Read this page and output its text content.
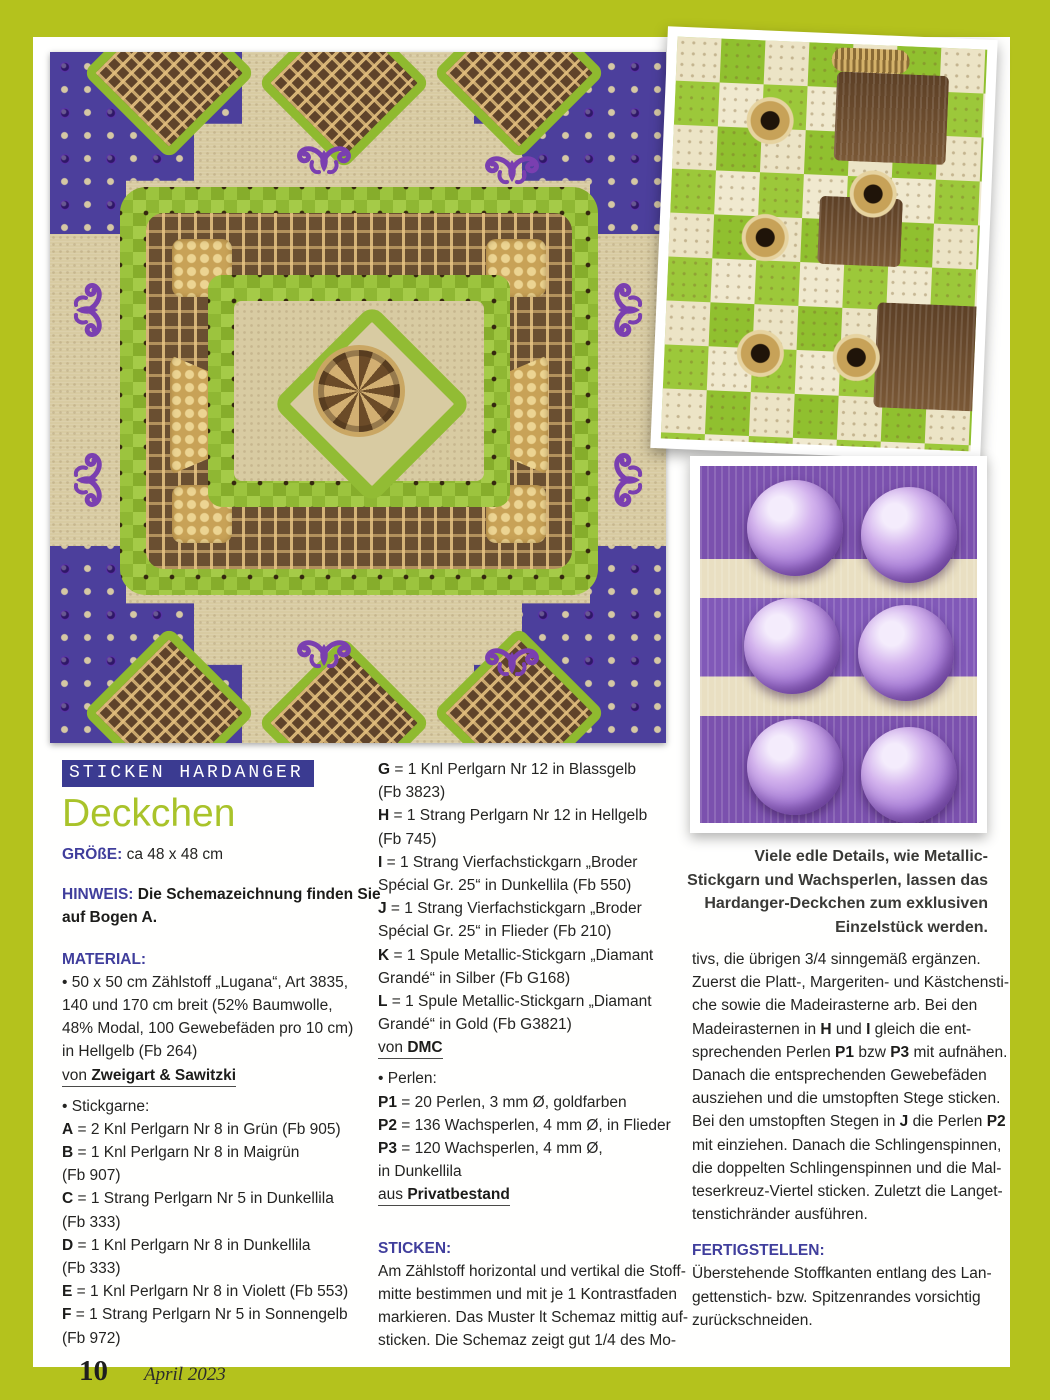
Viele edle Details, wie Metallic-
Stickgarn und Wachsperlen, lassen das
Hardanger-Deckchen zum exklusiven
Einzelstück werden.
STICKEN HARDANGER
Deckchen
GRÖßE: ca 48 x 48 cm
HINWEIS: Die Schemazeichnung finden Sie
auf Bogen A.
MATERIAL:
• 50 x 50 cm Zählstoff „Lugana“, Art 3835,
140 und 170 cm breit (52% Baumwolle,
48% Modal, 100 Gewebefäden pro 10 cm)
in Hellgelb (Fb 264)
von Zweigart & Sawitzki
• Stickgarne:
A = 2 Knl Perlgarn Nr 8 in Grün (Fb 905)
B = 1 Knl Perlgarn Nr 8 in Maigrün
(Fb 907)
C = 1 Strang Perlgarn Nr 5 in Dunkellila
(Fb 333)
D = 1 Knl Perlgarn Nr 8 in Dunkellila
(Fb 333)
E = 1 Knl Perlgarn Nr 8 in Violett (Fb 553)
F = 1 Strang Perlgarn Nr 5 in Sonnengelb
(Fb 972)
G = 1 Knl Perlgarn Nr 12 in Blassgelb
(Fb 3823)
H = 1 Strang Perlgarn Nr 12 in Hellgelb
(Fb 745)
I = 1 Strang Vierfachstickgarn „Broder
Spécial Gr. 25“ in Dunkellila (Fb 550)
J = 1 Strang Vierfachstickgarn „Broder
Spécial Gr. 25“ in Flieder (Fb 210)
K = 1 Spule Metallic-Stickgarn „Diamant
Grandé“ in Silber (Fb G168)
L = 1 Spule Metallic-Stickgarn „Diamant
Grandé“ in Gold (Fb G3821)
von DMC
• Perlen:
P1 = 20 Perlen, 3 mm Ø, goldfarben
P2 = 136 Wachsperlen, 4 mm Ø, in Flieder
P3 = 120 Wachsperlen, 4 mm Ø,
in Dunkellila
aus Privatbestand
STICKEN:
Am Zählstoff horizontal und vertikal die Stoff-
mitte bestimmen und mit je 1 Kontrastfaden
markieren. Das Muster lt Schemaz mittig auf-
sticken. Die Schemaz zeigt gut 1/4 des Mo-
tivs, die übrigen 3/4 sinngemäß ergänzen.
Zuerst die Platt-, Margeriten- und Kästchensti-
che sowie die Madeirasterne arb. Bei den
Madeirasternen in H und I gleich die ent-
sprechenden Perlen P1 bzw P3 mit aufnähen.
Danach die entsprechenden Gewebefäden
ausziehen und die umstopften Stege sticken.
Bei den umstopften Stegen in J die Perlen P2
mit einziehen. Danach die Schlingenspinnen,
die doppelten Schlingenspinnen und die Mal-
teserkreuz-Viertel sticken. Zuletzt die Langet-
tenstichränder ausführen.
FERTIGSTELLEN:
Überstehende Stoffkanten entlang des Lan-
gettenstich- bzw. Spitzenrandes vorsichtig
zurückschneiden.
10 April 2023
